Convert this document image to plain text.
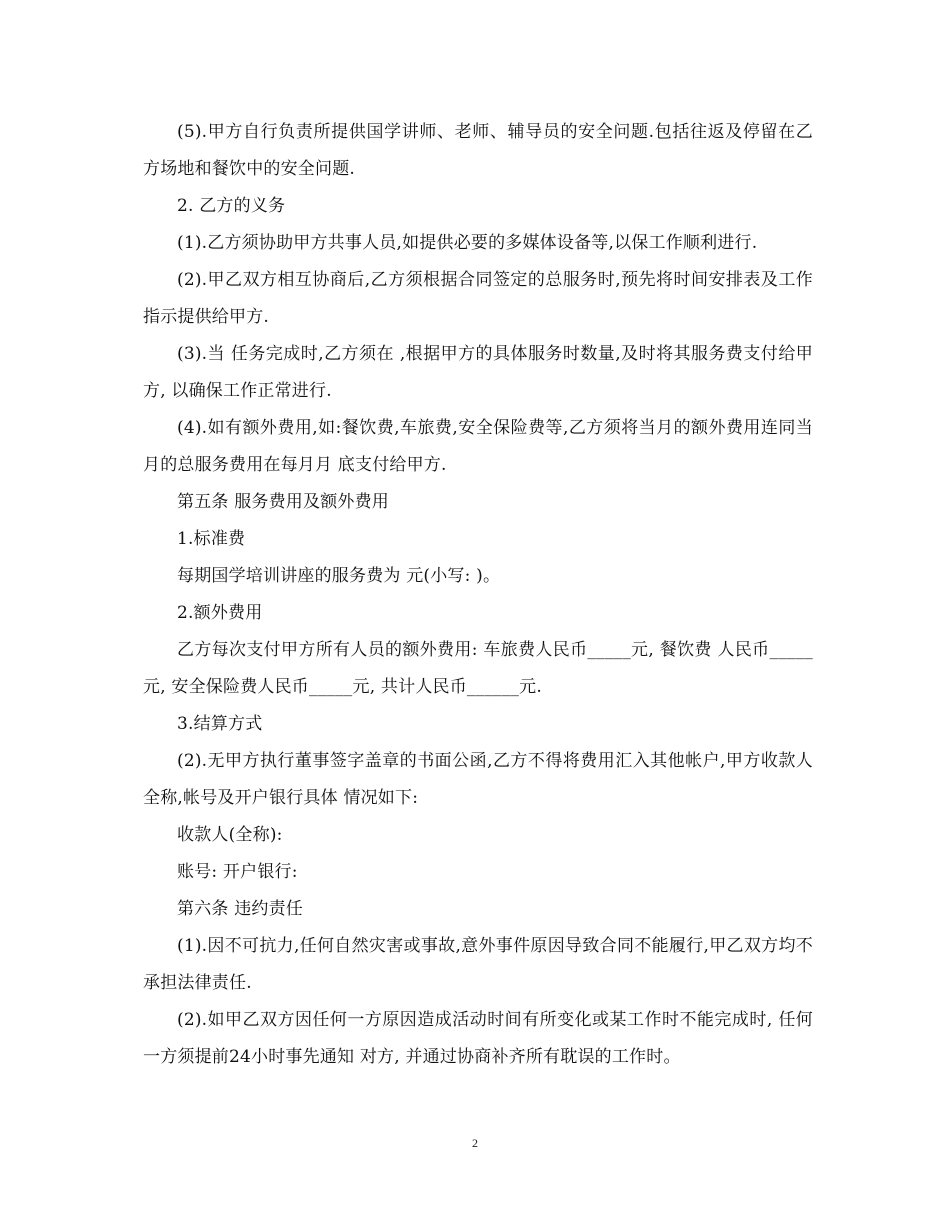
(5).甲方自行负责所提供国学讲师、老师、辅导员的安全问题.包括往返及停留在乙方场地和餐饮中的安全问题.

2. 乙方的义务

(1).乙方须协助甲方共事人员,如提供必要的多媒体设备等,以保工作顺利进行.

(2).甲乙双方相互协商后,乙方须根据合同签定的总服务时,预先将时间安排表及工作指示提供给甲方.

(3).当 任务完成时,乙方须在 ,根据甲方的具体服务时数量,及时将其服务费支付给甲方, 以确保工作正常进行.

(4).如有额外费用,如:餐饮费,车旅费,安全保险费等,乙方须将当月的额外费用连同当月的总服务费用在每月月 底支付给甲方.

第五条 服务费用及额外费用

1.标准费

每期国学培训讲座的服务费为 元(小写: )。

2.额外费用

乙方每次支付甲方所有人员的额外费用: 车旅费人民币_____元, 餐饮费 人民币_____元, 安全保险费人民币_____元, 共计人民币______元.

3.结算方式

(2).无甲方执行董事签字盖章的书面公函,乙方不得将费用汇入其他帐户,甲方收款人全称,帐号及开户银行具体 情况如下:

收款人(全称):

账号: 开户银行:

第六条 违约责任

(1).因不可抗力,任何自然灾害或事故,意外事件原因导致合同不能履行,甲乙双方均不承担法律责任.

(2).如甲乙双方因任何一方原因造成活动时间有所变化或某工作时不能完成时, 任何一方须提前24小时事先通知 对方, 并通过协商补齐所有耽误的工作时。

2
